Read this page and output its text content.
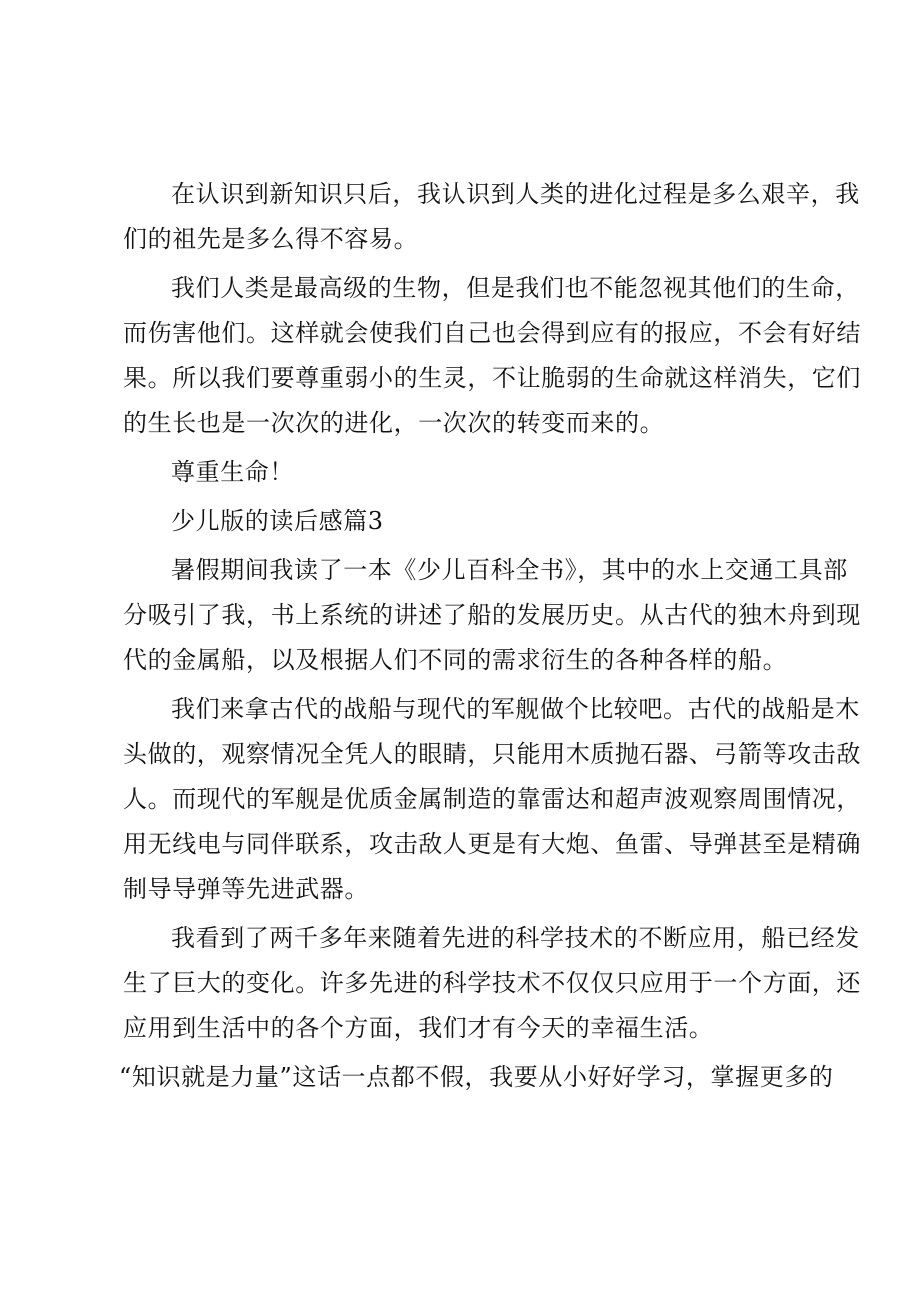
在认识到新知识只后，我认识到人类的进化过程是多么艰辛，我
们的祖先是多么得不容易。

我们人类是最高级的生物，但是我们也不能忽视其他们的生命，
而伤害他们。这样就会使我们自己也会得到应有的报应，不会有好结
果。所以我们要尊重弱小的生灵，不让脆弱的生命就这样消失，它们
的生长也是一次次的进化，一次次的转变而来的。

尊重生命！

少儿版的读后感篇3

暑假期间我读了一本《少儿百科全书》，其中的水上交通工具部
分吸引了我，书上系统的讲述了船的发展历史。从古代的独木舟到现
代的金属船，以及根据人们不同的需求衍生的各种各样的船。

我们来拿古代的战船与现代的军舰做个比较吧。古代的战船是木
头做的，观察情况全凭人的眼睛，只能用木质抛石器、弓箭等攻击敌
人。而现代的军舰是优质金属制造的靠雷达和超声波观察周围情况，
用无线电与同伴联系，攻击敌人更是有大炮、鱼雷、导弹甚至是精确
制导导弹等先进武器。

我看到了两千多年来随着先进的科学技术的不断应用，船已经发
生了巨大的变化。许多先进的科学技术不仅仅只应用于一个方面，还
应用到生活中的各个方面，我们才有今天的幸福生活。

“知识就是力量”这话一点都不假，我要从小好好学习，掌握更多的
